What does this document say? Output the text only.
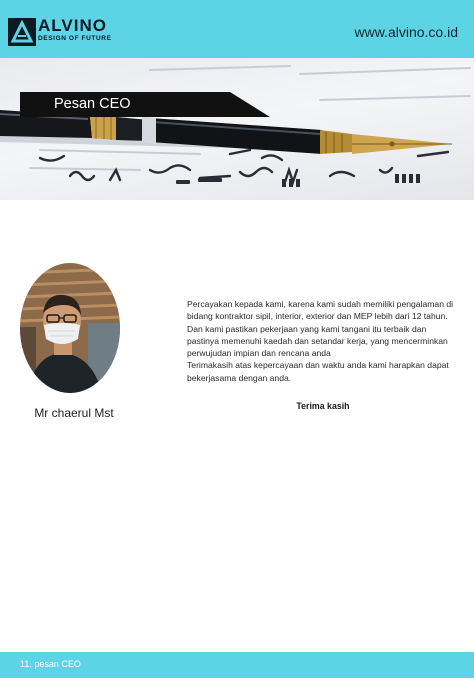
ALVINO
DESIGN OF FUTURE	www.alvino.co.id
Pesan CEO
Mr chaerul Mst

Percayakan kepada kami, karena kami sudah memiliki pengalaman di bidang kontraktor sipil, interior, exterior dan MEP lebih dari 12 tahun. Dan kami pastikan pekerjaan yang kami tangani itu terbaik dan pastinya memenuhi kaedah dan setandar kerja, yang mencerminkan perwujudan impian dan rencana anda

Terimakasih atas kepercayaan dan waktu anda kami harapkan dapat bekerjasama dengan anda.

Terima kasih
11. pesan CEO
